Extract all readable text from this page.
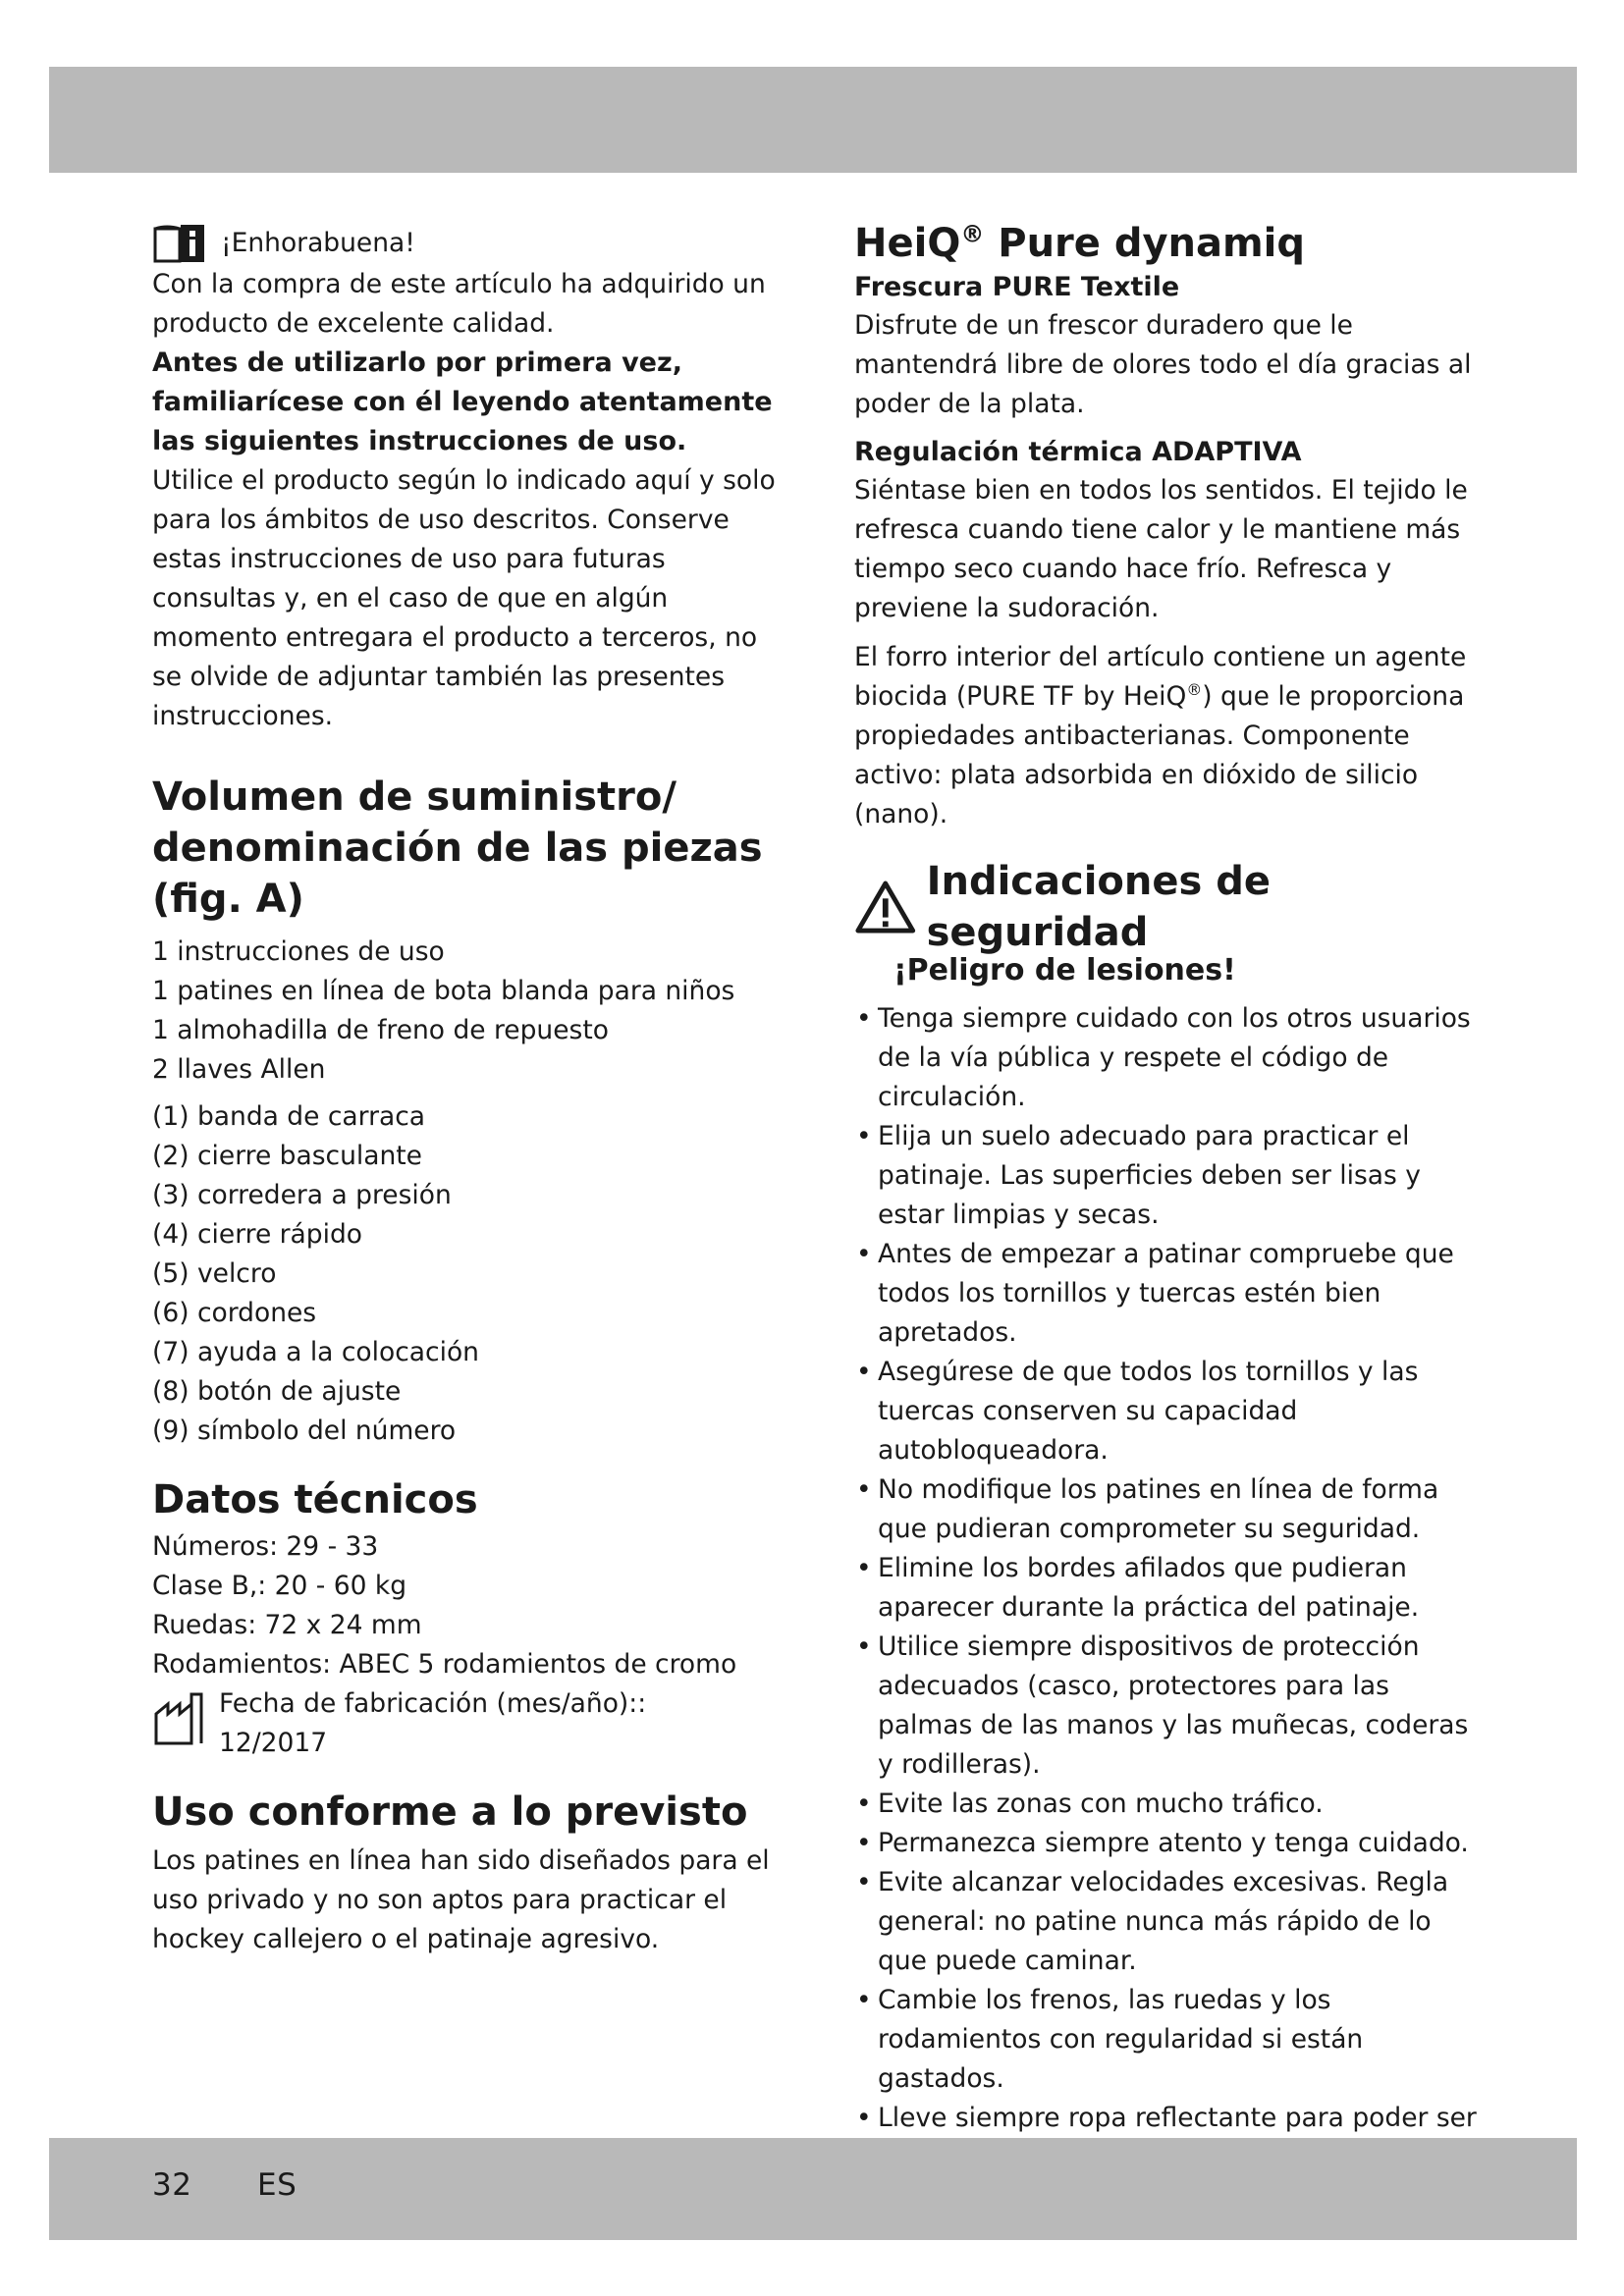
¡Enhorabuena!

Con la compra de este artículo ha adquirido un producto de excelente calidad.

Antes de utilizarlo por primera vez, familiarícese con él leyendo atentamente las siguientes instrucciones de uso.

Utilice el producto según lo indicado aquí y solo para los ámbitos de uso descritos. Conserve estas instrucciones de uso para futuras consultas y, en el caso de que en algún momento entregara el producto a terceros, no se olvide de adjuntar también las presentes instrucciones.

Volumen de suministro/ denominación de las piezas (fig. A)
1 instrucciones de uso
1 patines en línea de bota blanda para niños
1 almohadilla de freno de repuesto
2 llaves Allen
(1) banda de carraca
(2) cierre basculante
(3) corredera a presión
(4) cierre rápido
(5) velcro
(6) cordones
(7) ayuda a la colocación
(8) botón de ajuste
(9) símbolo del número
Datos técnicos
Números: 29 - 33
Clase B,: 20 - 60 kg
Ruedas: 72 x 24 mm
Rodamientos: ABEC 5 rodamientos de cromo
Fecha de fabricación (mes/año)::
12/2017
Uso conforme a lo previsto

Los patines en línea han sido diseñados para el uso privado y no son aptos para practicar el hockey callejero o el patinaje agresivo.

HeiQ® Pure dynamiq
Frescura PURE Textile

Disfrute de un frescor duradero que le mantendrá libre de olores todo el día gracias al poder de la plata.

Regulación térmica ADAPTIVA

Siéntase bien en todos los sentidos. El tejido le refresca cuando tiene calor y le mantiene más tiempo seco cuando hace frío. Refresca y previene la sudoración.

El forro interior del artículo contiene un agente biocida (PURE TF by HeiQ®) que le proporciona propiedades antibacterianas. Componente activo: plata adsorbida en dióxido de silicio (nano).

Indicaciones de seguridad
¡Peligro de lesiones!
• Tenga siempre cuidado con los otros usuarios de la vía pública y respete el código de circulación.
• Elija un suelo adecuado para practicar el patinaje. Las superficies deben ser lisas y estar limpias y secas.
• Antes de empezar a patinar compruebe que todos los tornillos y tuercas estén bien apretados.
• Asegúrese de que todos los tornillos y las tuercas conserven su capacidad autobloqueadora.
• No modifique los patines en línea de forma que pudieran comprometer su seguridad.
• Elimine los bordes afilados que pudieran aparecer durante la práctica del patinaje.
• Utilice siempre dispositivos de protección adecuados (casco, protectores para las palmas de las manos y las muñecas, coderas y rodilleras).
• Evite las zonas con mucho tráfico.
• Permanezca siempre atento y tenga cuidado.
• Evite alcanzar velocidades excesivas. Regla general: no patine nunca más rápido de lo que puede caminar.
• Cambie los frenos, las ruedas y los rodamientos con regularidad si están gastados.
• Lleve siempre ropa reflectante para poder ser
•
32 ES
